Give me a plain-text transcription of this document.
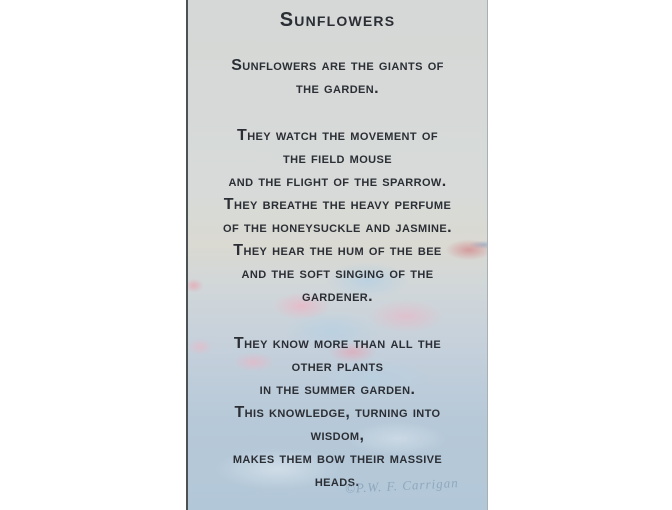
Sunflowers
Sunflowers are the giants of
the garden.
They watch the movement of
the field mouse
and the flight of the sparrow.
They breathe the heavy perfume
of the honeysuckle and jasmine.
They hear the hum of the bee
and the soft singing of the
gardener.
They know more than all the
other plants
in the summer garden.
This knowledge, turning into
wisdom,
makes them bow their massive
heads.
©P.W. F. Carrigan
